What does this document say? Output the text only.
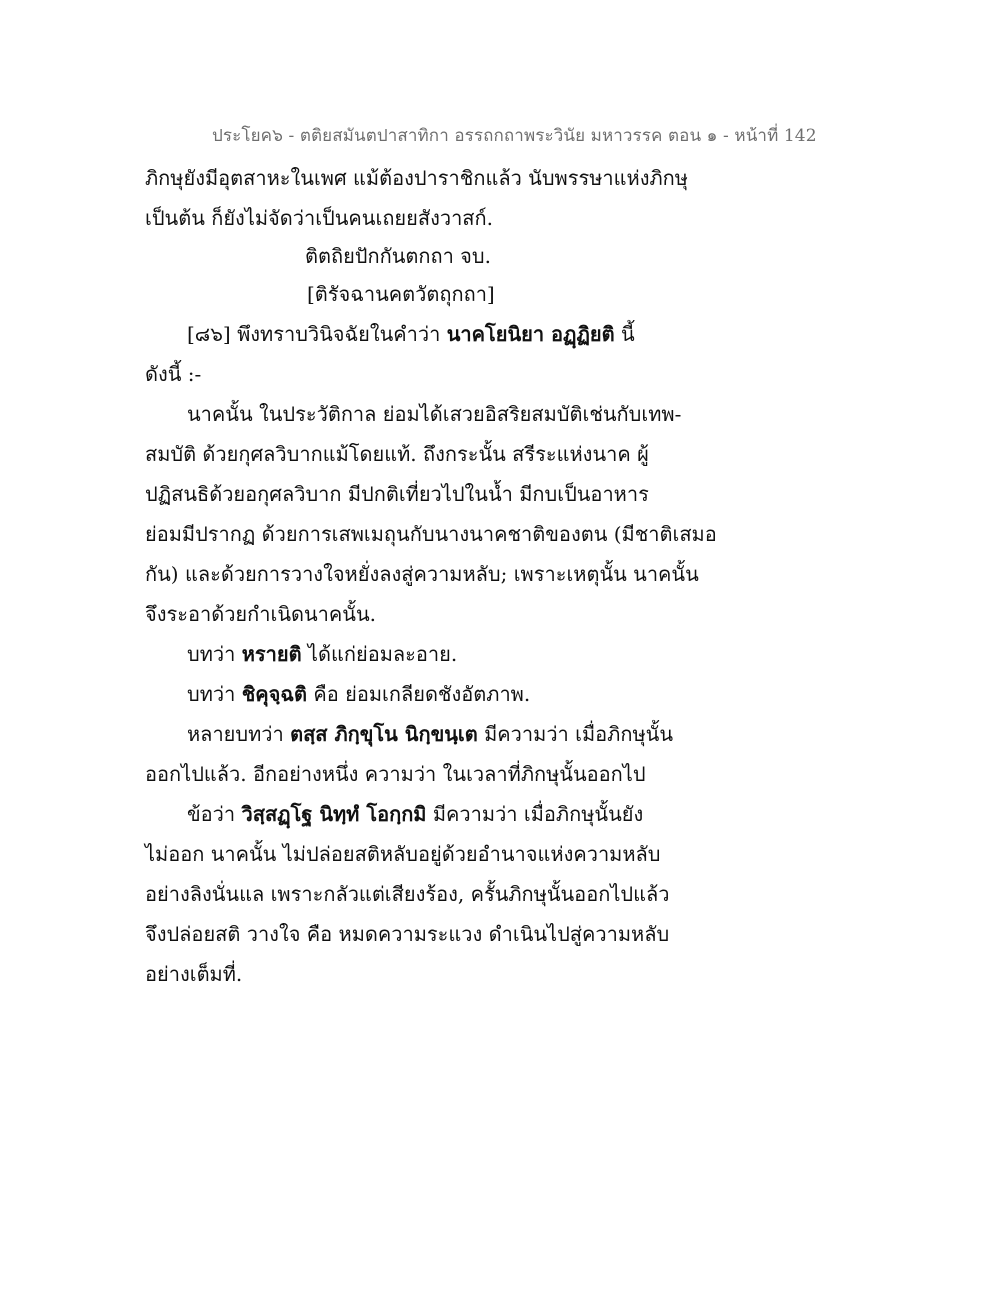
ประโยค๖ - ตติยสมันตปาสาทิกา อรรถกถาพระวินัย มหาวรรค ตอน ๑ - หน้าที่ 142
ภิกษุยังมีอุตสาหะในเพศ แม้ต้องปาราชิกแล้ว นับพรรษาแห่งภิกษุ
เป็นต้น ก็ยังไม่จัดว่าเป็นคนเถยยสังวาสก์.
ติตถิยปักกันตกถา จบ.
[ติรัจฉานคตวัตถุกถา]
[๘๖] พึงทราบวินิจฉัยในคำว่า นาคโยนิยา อฏฺฏิยติ นี้
ดังนี้ :-
นาคนั้น ในประวัติกาล ย่อมได้เสวยอิสริยสมบัติเช่นกับเทพ-
สมบัติ ด้วยกุศลวิบากแม้โดยแท้. ถึงกระนั้น สรีระแห่งนาค ผู้
ปฏิสนธิด้วยอกุศลวิบาก มีปกติเที่ยวไปในน้ำ มีกบเป็นอาหาร
ย่อมมีปรากฏ ด้วยการเสพเมถุนกับนางนาคชาติของตน (มีชาติเสมอ
กัน) และด้วยการวางใจหยั่งลงสู่ความหลับ; เพราะเหตุนั้น นาคนั้น
จึงระอาด้วยกำเนิดนาคนั้น.
บทว่า หรายติ ได้แก่ย่อมละอาย.
บทว่า ชิคุจฺฉติ คือ ย่อมเกลียดชังอัตภาพ.
หลายบทว่า ตสฺส ภิกฺขุโน นิกฺขนฺเต มีความว่า เมื่อภิกษุนั้น
ออกไปแล้ว. อีกอย่างหนึ่ง ความว่า ในเวลาที่ภิกษุนั้นออกไป
ข้อว่า วิสฺสฏฺโฐ นิทฺทํ โอกฺกมิ มีความว่า เมื่อภิกษุนั้นยัง
ไม่ออก นาคนั้น ไม่ปล่อยสติหลับอยู่ด้วยอำนาจแห่งความหลับ
อย่างลิงนั่นแล เพราะกลัวแต่เสียงร้อง, ครั้นภิกษุนั้นออกไปแล้ว
จึงปล่อยสติ วางใจ คือ หมดความระแวง ดำเนินไปสู่ความหลับ
อย่างเต็มที่.
